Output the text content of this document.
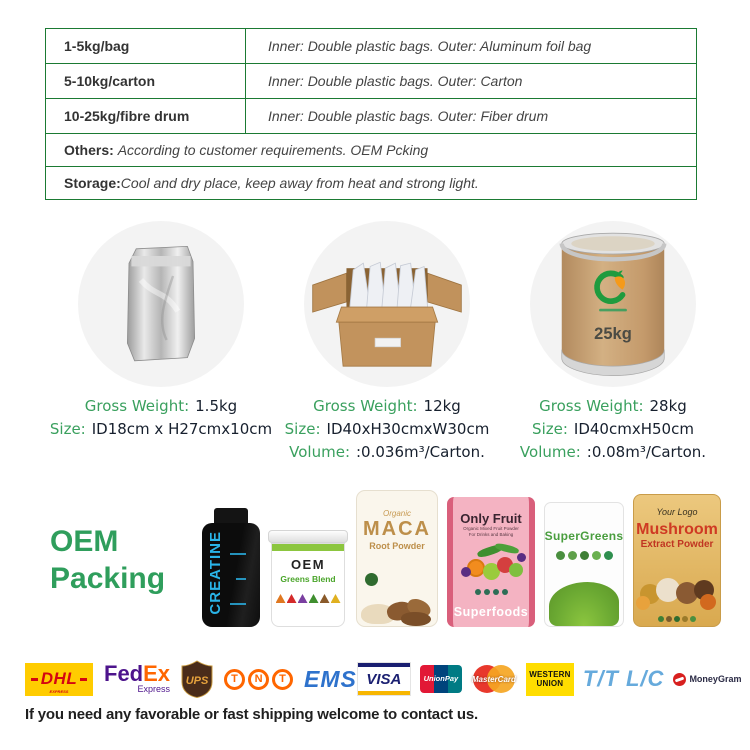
1-5kg/bag	Inner: Double plastic bags. Outer: Aluminum foil bag
5-10kg/carton	Inner: Double plastic bags. Outer: Carton
10-25kg/fibre drum	Inner: Double plastic bags. Outer: Fiber drum
Others: According to customer requirements. OEM Pcking	
Storage:Cool and dry place, keep away from heat and strong light.	
Gross Weight: 1.5kg
Size: ID18cm x H27cmx10cm
Gross Weight: 12kg
Size: ID40xH30cmxW30cm
Volume: :0.036m³/Carton.
25kg
Gross Weight: 28kg
Size: ID40cmxH50cm
Volume: :0.08m³/Carton.
OEM
Packing	CREATINE	OEM
Greens Blend
Organic
MACA
Root Powder
Only Fruit
Organic Mixed Fruit Powder
For Drinks and Baking
Superfoods
SuperGreens
Your Logo
Mushroom
Extract Powder
DHL
EXPRESS
FedEx
Express
UPS	T	N	T EMS VISA	UnionPay	MasterCard
WESTERN
UNION T/T L/C	MoneyGram
If you need any favorable or fast shipping welcome to contact us.
